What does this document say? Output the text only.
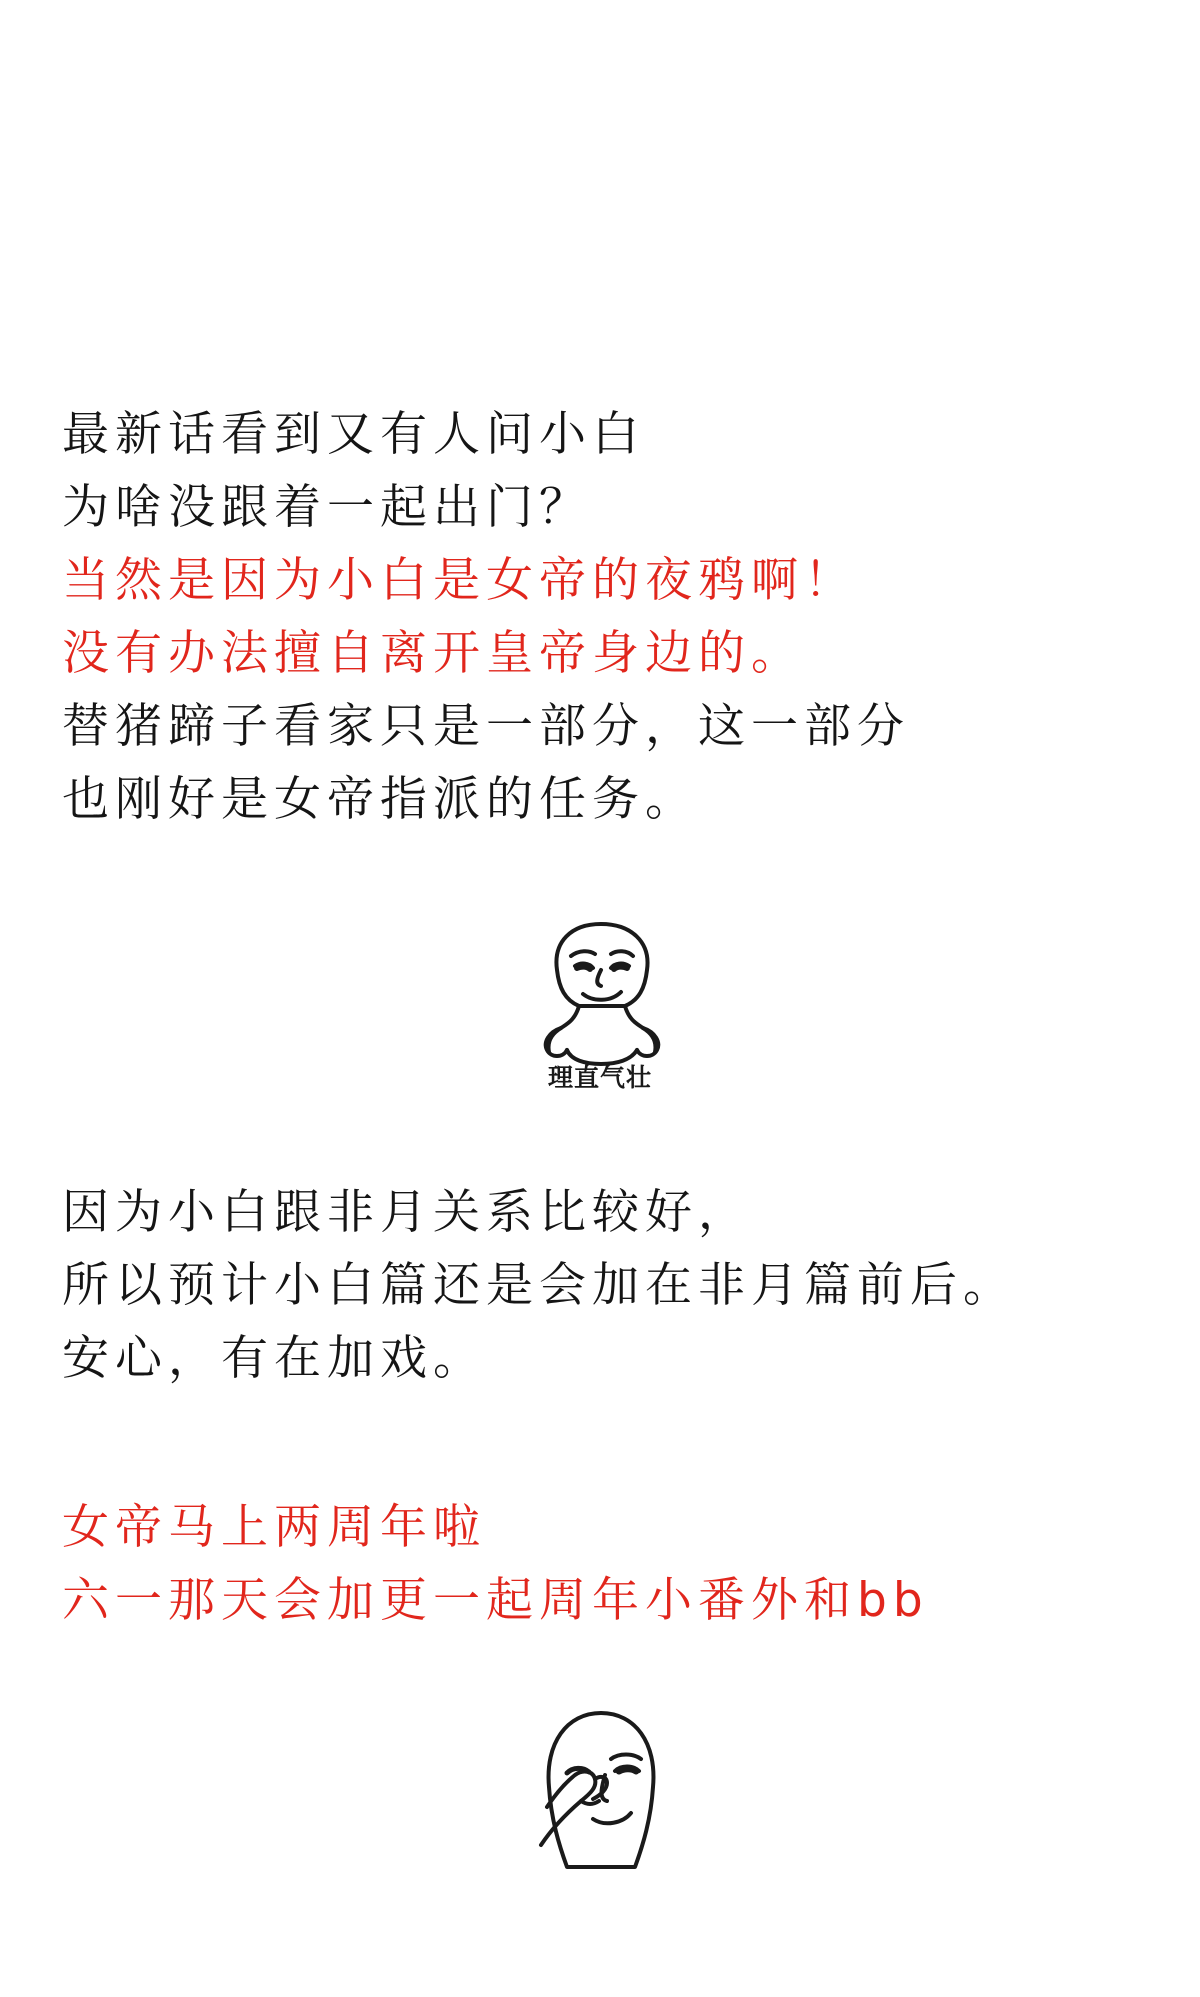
最新话看到又有人问小白
为啥没跟着一起出门？
当然是因为小白是女帝的夜鸦啊！
没有办法擅自离开皇帝身边的。
替猪蹄子看家只是一部分，这一部分
也刚好是女帝指派的任务。
理直气壮
因为小白跟非月关系比较好，
所以预计小白篇还是会加在非月篇前后。
安心，有在加戏。
女帝马上两周年啦
六一那天会加更一起周年小番外和bb
